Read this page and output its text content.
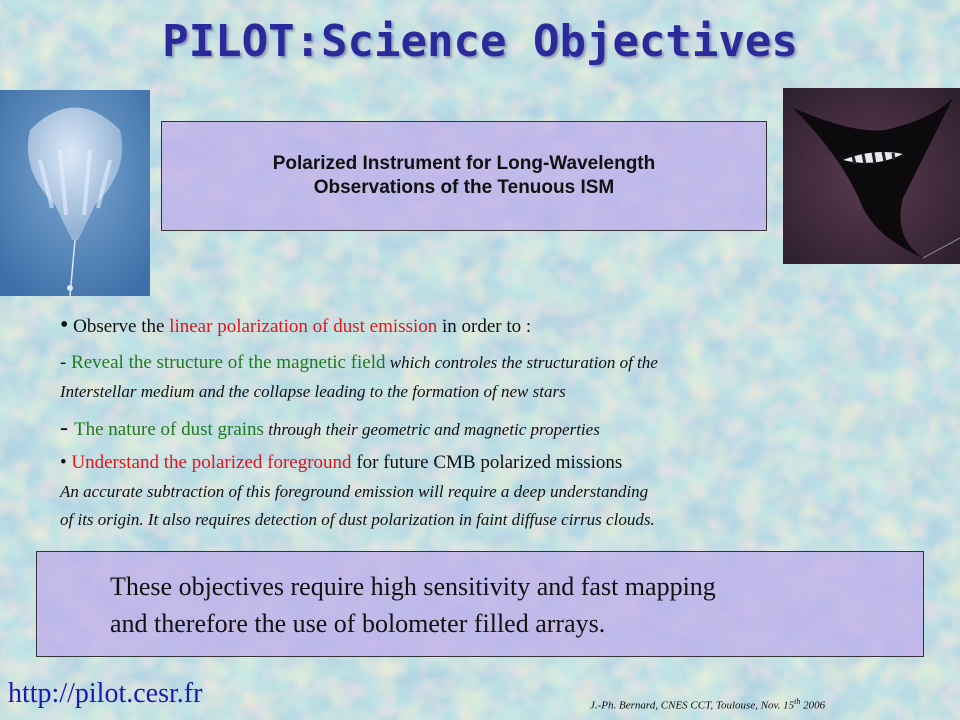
PILOT:Science Objectives
Polarized Instrument for Long-Wavelength
Observations of the Tenuous ISM
• Observe the linear polarization of dust emission in order to :
- Reveal the structure of the magnetic field which controles the structuration of the
Interstellar medium and the collapse leading to the formation of new stars
- The nature of dust grains through their geometric and magnetic properties
• Understand the polarized foreground for future CMB polarized missions
An accurate subtraction of this foreground emission will require a deep understanding
of its origin. It also requires detection of dust polarization in faint diffuse cirrus clouds.
These objectives require high sensitivity and fast mapping
and therefore the use of bolometer filled arrays.
http://pilot.cesr.fr	J.-Ph. Bernard, CNES CCT, Toulouse, Nov. 15th 2006
